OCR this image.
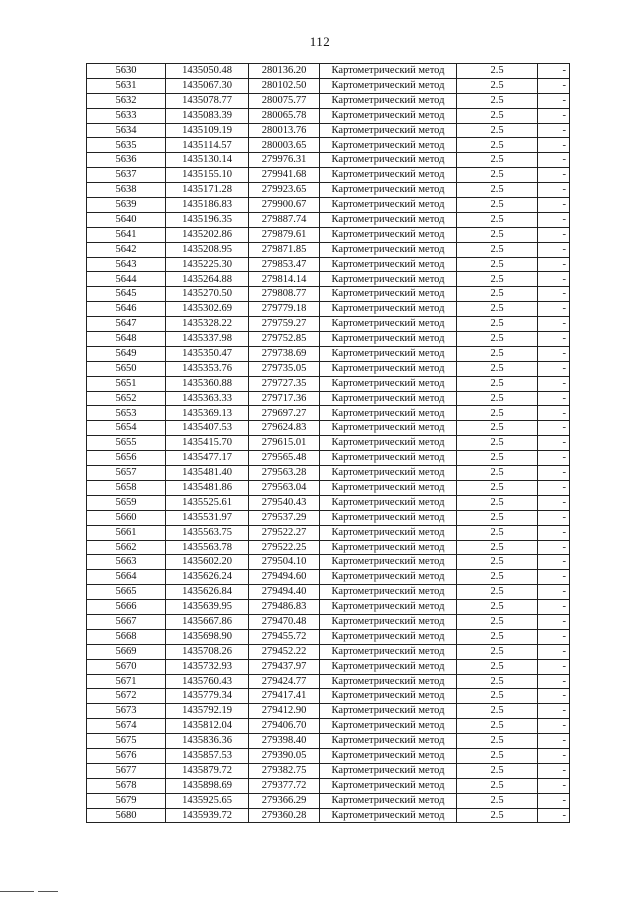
112
5630	1435050.48	280136.20	Картометрический метод	2.5	-
5631	1435067.30	280102.50	Картометрический метод	2.5	-
5632	1435078.77	280075.77	Картометрический метод	2.5	-
5633	1435083.39	280065.78	Картометрический метод	2.5	-
5634	1435109.19	280013.76	Картометрический метод	2.5	-
5635	1435114.57	280003.65	Картометрический метод	2.5	-
5636	1435130.14	279976.31	Картометрический метод	2.5	-
5637	1435155.10	279941.68	Картометрический метод	2.5	-
5638	1435171.28	279923.65	Картометрический метод	2.5	-
5639	1435186.83	279900.67	Картометрический метод	2.5	-
5640	1435196.35	279887.74	Картометрический метод	2.5	-
5641	1435202.86	279879.61	Картометрический метод	2.5	-
5642	1435208.95	279871.85	Картометрический метод	2.5	-
5643	1435225.30	279853.47	Картометрический метод	2.5	-
5644	1435264.88	279814.14	Картометрический метод	2.5	-
5645	1435270.50	279808.77	Картометрический метод	2.5	-
5646	1435302.69	279779.18	Картометрический метод	2.5	-
5647	1435328.22	279759.27	Картометрический метод	2.5	-
5648	1435337.98	279752.85	Картометрический метод	2.5	-
5649	1435350.47	279738.69	Картометрический метод	2.5	-
5650	1435353.76	279735.05	Картометрический метод	2.5	-
5651	1435360.88	279727.35	Картометрический метод	2.5	-
5652	1435363.33	279717.36	Картометрический метод	2.5	-
5653	1435369.13	279697.27	Картометрический метод	2.5	-
5654	1435407.53	279624.83	Картометрический метод	2.5	-
5655	1435415.70	279615.01	Картометрический метод	2.5	-
5656	1435477.17	279565.48	Картометрический метод	2.5	-
5657	1435481.40	279563.28	Картометрический метод	2.5	-
5658	1435481.86	279563.04	Картометрический метод	2.5	-
5659	1435525.61	279540.43	Картометрический метод	2.5	-
5660	1435531.97	279537.29	Картометрический метод	2.5	-
5661	1435563.75	279522.27	Картометрический метод	2.5	-
5662	1435563.78	279522.25	Картометрический метод	2.5	-
5663	1435602.20	279504.10	Картометрический метод	2.5	-
5664	1435626.24	279494.60	Картометрический метод	2.5	-
5665	1435626.84	279494.40	Картометрический метод	2.5	-
5666	1435639.95	279486.83	Картометрический метод	2.5	-
5667	1435667.86	279470.48	Картометрический метод	2.5	-
5668	1435698.90	279455.72	Картометрический метод	2.5	-
5669	1435708.26	279452.22	Картометрический метод	2.5	-
5670	1435732.93	279437.97	Картометрический метод	2.5	-
5671	1435760.43	279424.77	Картометрический метод	2.5	-
5672	1435779.34	279417.41	Картометрический метод	2.5	-
5673	1435792.19	279412.90	Картометрический метод	2.5	-
5674	1435812.04	279406.70	Картометрический метод	2.5	-
5675	1435836.36	279398.40	Картометрический метод	2.5	-
5676	1435857.53	279390.05	Картометрический метод	2.5	-
5677	1435879.72	279382.75	Картометрический метод	2.5	-
5678	1435898.69	279377.72	Картометрический метод	2.5	-
5679	1435925.65	279366.29	Картометрический метод	2.5	-
5680	1435939.72	279360.28	Картометрический метод	2.5	-
